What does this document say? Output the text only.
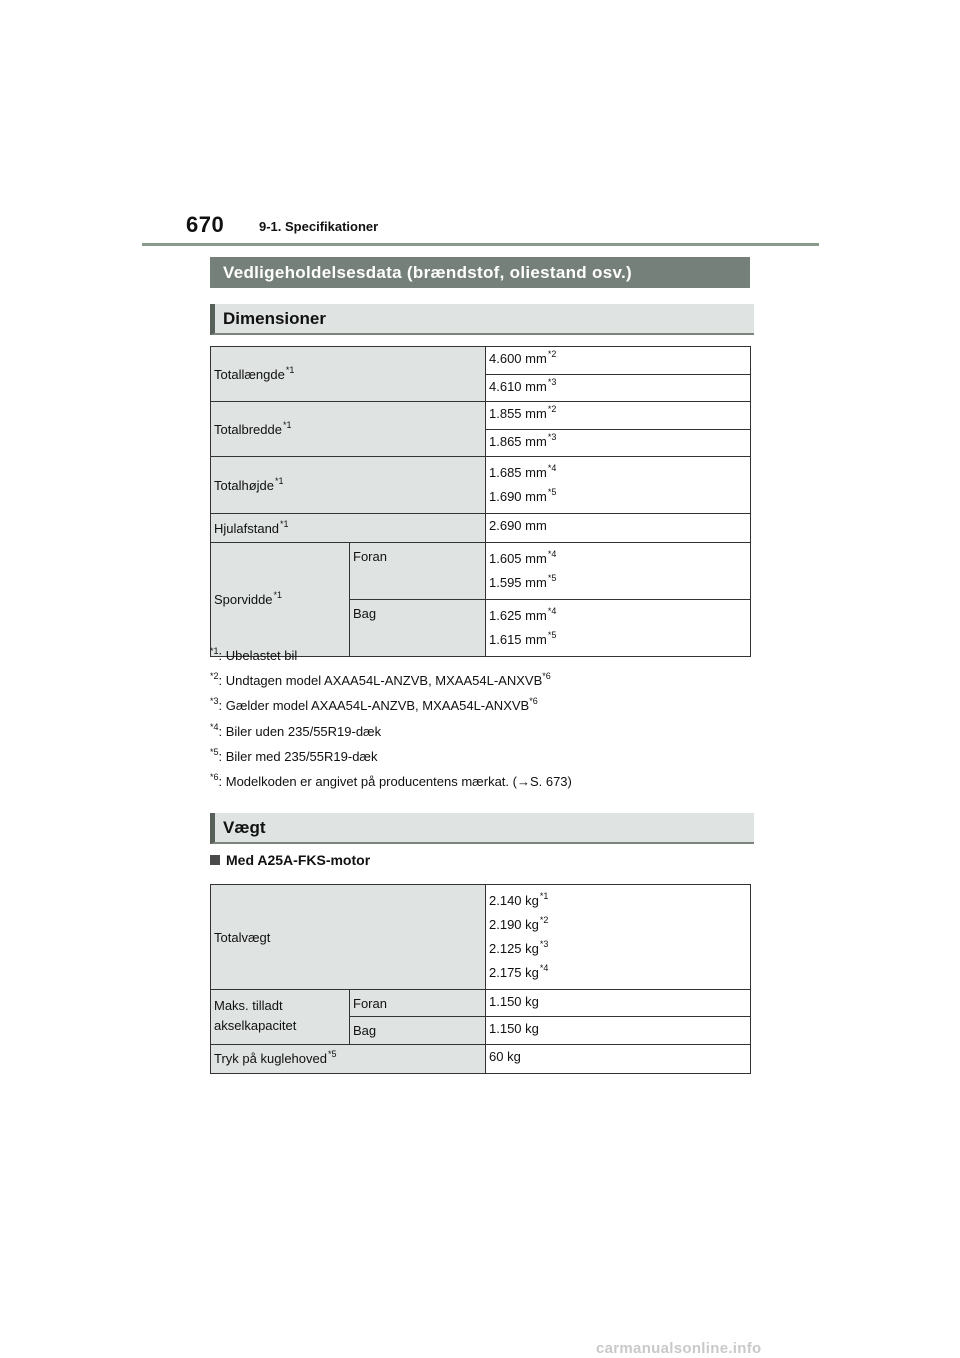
670	9-1. Specifikationer
Vedligeholdelsesdata (brændstof, oliestand osv.)
Dimensioner
Totallængde$^{*1}$		4.600 $mm^{*2}$
		4.610 $mm^{*3}$
Totalbredde$^{*1}$		1.855 $mm^{*2}$
		1.865 $mm^{*3}$
Totalhøjde$^{*1}$		1.685 $mm^{*4}$
1.690 $mm^{*5}$

Hjulafstand$^{*1}$		2.690 mm
Sporvidde$^{*1}$	Foran	1.605 $mm^{*4}$
1.595 $mm^{*5}$

	Bag	1.625 $mm^{*4}$
1.615 $mm^{*5}$
$^{*1}$: Ubelastet bil
$^{*2}$: Undtagen model AXAA54L-ANZVB, MXAA54L-ANXVB$^{*6}$
$^{*3}$: Gælder model AXAA54L-ANZVB, MXAA54L-ANXVB$^{*6}$
$^{*4}$: Biler uden 235/55R19-dæk
$^{*5}$: Biler med 235/55R19-dæk
$^{*6}$: Modelkoden er angivet på producentens mærkat. (→S. 673)
Vægt
Med A25A-FKS-motor
Totalvægt		2.140 $kg^{*1}$
2.190 $kg^{*2}$
2.125 $kg^{*3}$
2.175 $kg^{*4}$

Maks. tilladt akselkapacitet	Foran	1.150 kg
	Bag	1.150 kg
Tryk på kuglehoved$^{*5}$		60 kg
carmanualsonline.info
